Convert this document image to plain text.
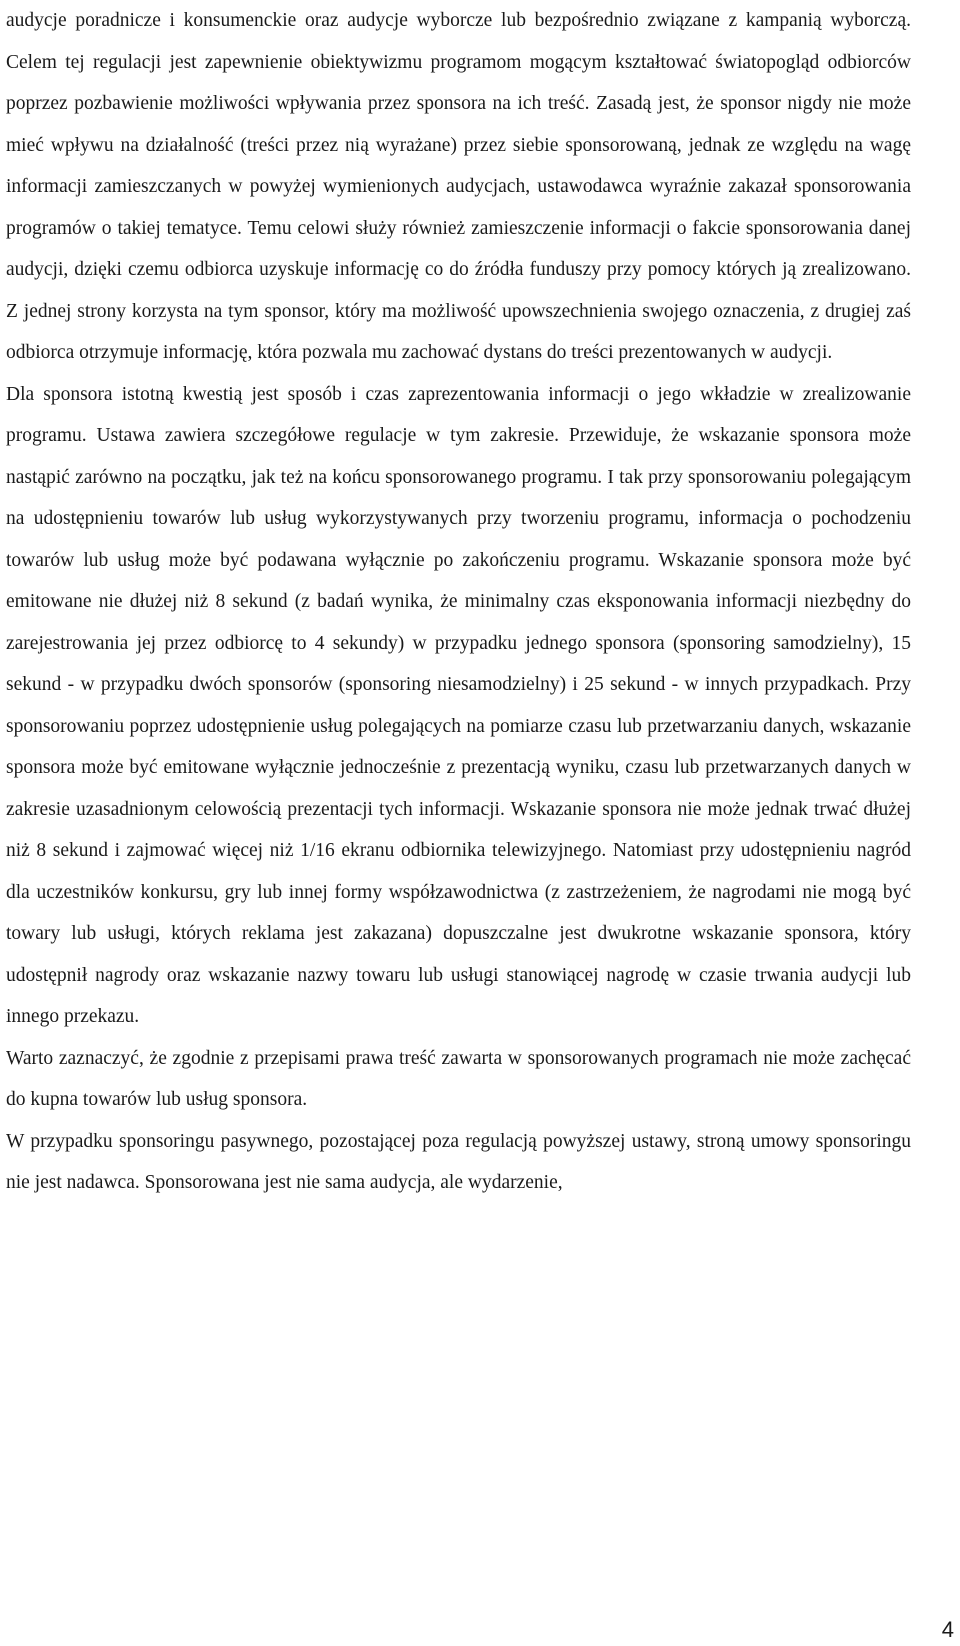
audycje poradnicze i konsumenckie oraz audycje wyborcze lub bezpośrednio związane z kampanią wyborczą. Celem tej regulacji jest zapewnienie obiektywizmu programom mogącym kształtować światopogląd odbiorców poprzez pozbawienie możliwości wpływania przez sponsora na ich treść. Zasadą jest, że sponsor nigdy nie może mieć wpływu na działalność (treści przez nią wyrażane) przez siebie sponsorowaną, jednak ze względu na wagę informacji zamieszczanych w powyżej wymienionych audycjach, ustawodawca wyraźnie zakazał sponsorowania programów o takiej tematyce. Temu celowi służy również zamieszczenie informacji o fakcie sponsorowania danej audycji, dzięki czemu odbiorca uzyskuje informację co do źródła funduszy przy pomocy których ją zrealizowano. Z jednej strony korzysta na tym sponsor, który ma możliwość upowszechnienia swojego oznaczenia, z drugiej zaś odbiorca otrzymuje informację, która pozwala mu zachować dystans do treści prezentowanych w audycji.

Dla sponsora istotną kwestią jest sposób i czas zaprezentowania informacji o jego wkładzie w zrealizowanie programu. Ustawa zawiera szczegółowe regulacje w tym zakresie. Przewiduje, że wskazanie sponsora może nastąpić zarówno na początku, jak też na końcu sponsorowanego programu. I tak przy sponsorowaniu polegającym na udostępnieniu towarów lub usług wykorzystywanych przy tworzeniu programu, informacja o pochodzeniu towarów lub usług może być podawana wyłącznie po zakończeniu programu. Wskazanie sponsora może być emitowane nie dłużej niż 8 sekund (z badań wynika, że minimalny czas eksponowania informacji niezbędny do zarejestrowania jej przez odbiorcę to 4 sekundy) w przypadku jednego sponsora (sponsoring samodzielny), 15 sekund - w przypadku dwóch sponsorów (sponsoring niesamodzielny) i 25 sekund - w innych przypadkach. Przy sponsorowaniu poprzez udostępnienie usług polegających na pomiarze czasu lub przetwarzaniu danych, wskazanie sponsora może być emitowane wyłącznie jednocześnie z prezentacją wyniku, czasu lub przetwarzanych danych w zakresie uzasadnionym celowością prezentacji tych informacji. Wskazanie sponsora nie może jednak trwać dłużej niż 8 sekund i zajmować więcej niż 1/16 ekranu odbiornika telewizyjnego. Natomiast przy udostępnieniu nagród dla uczestników konkursu, gry lub innej formy współzawodnictwa (z zastrzeżeniem, że nagrodami nie mogą być towary lub usługi, których reklama jest zakazana) dopuszczalne jest dwukrotne wskazanie sponsora, który udostępnił nagrody oraz wskazanie nazwy towaru lub usługi stanowiącej nagrodę w czasie trwania audycji lub innego przekazu.

Warto zaznaczyć, że zgodnie z przepisami prawa treść zawarta w sponsorowanych programach nie może zachęcać do kupna towarów lub usług sponsora.

W przypadku sponsoringu pasywnego, pozostającej poza regulacją powyższej ustawy, stroną umowy sponsoringu nie jest nadawca. Sponsorowana jest nie sama audycja, ale wydarzenie,

4
